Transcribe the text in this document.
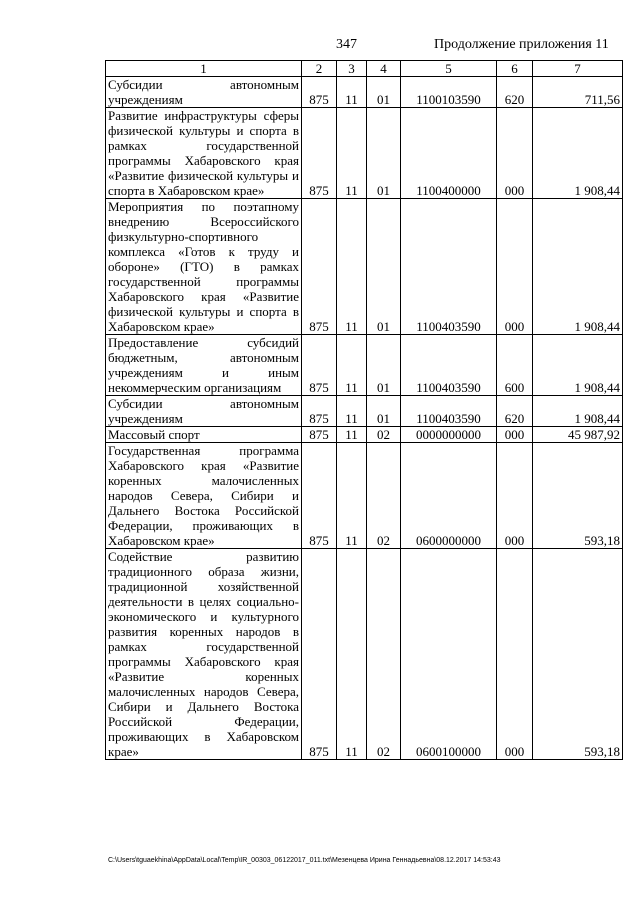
347	Продолжение приложения 11
1	2	3	4	5	6	7
Субсидии автономным учреждениям	875	11	01	1100103590	620	711,56
Развитие инфраструктуры сферы физической культуры и спорта в рамках государственной программы Хабаровского края «Развитие физической культуры и спорта в Хабаровском крае»	875	11	01	1100400000	000	1 908,44
Мероприятия по поэтапному внедрению Всероссийского физкультурно-спортивного комплекса «Готов к труду и обороне» (ГТО) в рамках государственной программы Хабаровского края «Развитие физической культуры и спорта в Хабаровском крае»	875	11	01	1100403590	000	1 908,44
Предоставление субсидий бюджетным, автономным учреждениям и иным некоммерческим организациям	875	11	01	1100403590	600	1 908,44
Субсидии автономным учреждениям	875	11	01	1100403590	620	1 908,44
Массовый спорт	875	11	02	0000000000	000	45 987,92
Государственная программа Хабаровского края «Развитие коренных малочисленных народов Севера, Сибири и Дальнего Востока Российской Федерации, проживающих в Хабаровском крае»	875	11	02	0600000000	000	593,18
Содействие развитию традиционного образа жизни, традиционной хозяйственной деятельности в целях социально-экономического и культурного развития коренных народов в рамках государственной программы Хабаровского края «Развитие коренных малочисленных народов Севера, Сибири и Дальнего Востока Российской Федерации, проживающих в Хабаровском крае»	875	11	02	0600100000	000	593,18
C:\Users\tguaekhina\AppData\Local\Temp\IR_00303_06122017_011.txt\Мезенцева Ирина Геннадьевна\08.12.2017 14:53:43
